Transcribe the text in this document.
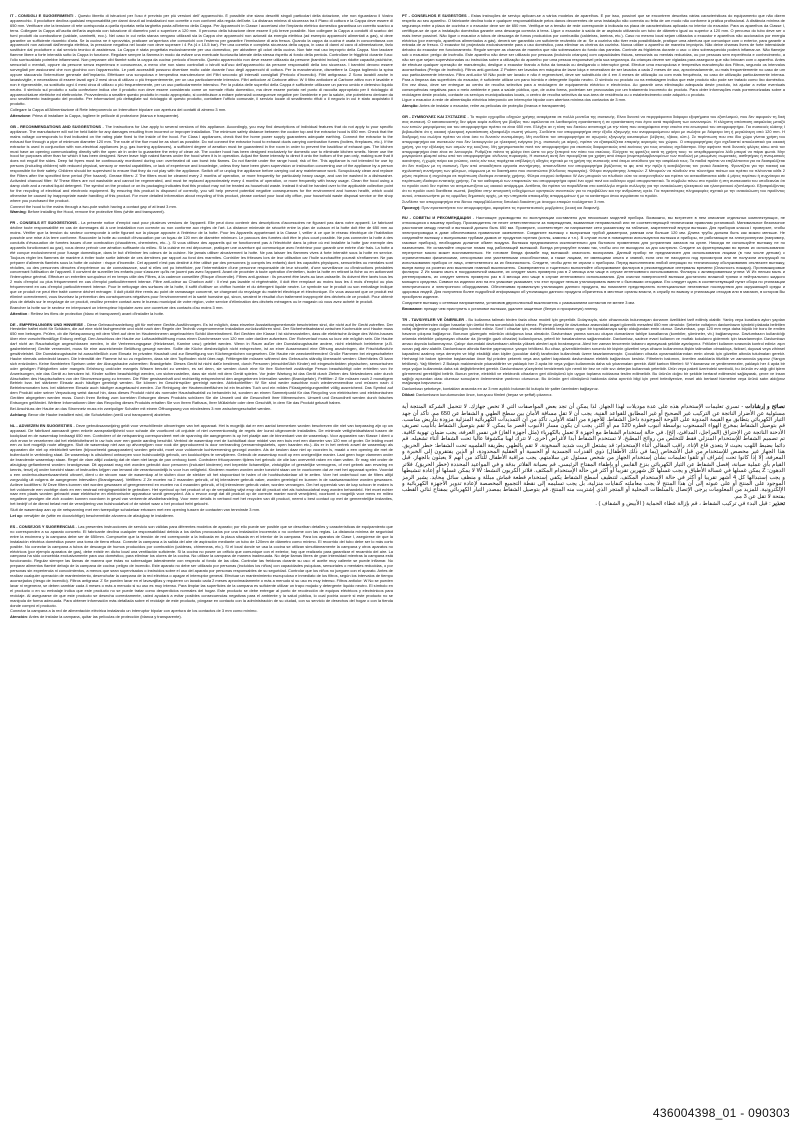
IT - CONSIGLI E SUGGERIMENTI - Questo libretto di istruzioni per l'uso è previsto per più versioni dell' apparecchio. È possibile che siano descritti singoli particolari della dotazione, che non riguardano il Vostro apparecchio. Il produttore declina qualsiasi responsabilità per danni dovuti ad installazioni non corrette o non conformi alla regola dell'arte. La distanza minima di sicurezza tra il Piano di cottura e la Cappa deve essere di 650 mm. Verificare che la tensione di rete corrisponda a quella riportata nella targhetta posta all'interno della Cappa. Per Apparecchi in Classe I accertarsi che l'impianto elettrico domestico garantisca un corretto scarico a terra. Collegare la Cappa all'uscita dell'aria aspirata con tubazione di diametro pari o superiore a 120 mm. Il percorso della tubazione deve essere il più breve possibile. Non collegare la Cappa a condotti di scarico dei fumi prodotti da combustione (caldaie, caminetti, ecc.). Nel caso in cui nella stanza vengano utilizzati sia la Cappa che apparecchi non azionati da energia elettrica (ad esempio apparecchi alimentati a gas), si deve garantire un sufficiente ricambio d'aria. Se la cucina ne è sprovvista, praticare un'apertura che comunichi con l'esterno per garantire l'immissione di aria fresca. Quando la cappa da cucina è usata in concomitanza con apparecchi non azionati dall'energia elettrica, la pressione negativa nel locale non deve superare i 4 Pa (4 x 10-5 bar). Per una corretta e completa sicurezza della cappa, in caso di danni al cavo di alimentazione, farlo sostituire dal produttore o dal servizio tecnico di assistenza. La Cappa è stata progettata esclusivamente per uso domestico, per abbattere gli odori della cucina. Non fate mai uso improprio della Cappa. Non lasciare fiamme libere a forte intensità sotto la Cappa in funzione. Regolare sempre la fiamma in modo da evitare una eventuale fuoriuscita laterale della stessa rispetto al fondo della pentola. Controllare le friggitrici durante l'uso: l'olio surriscaldato potrebbe infiammarsi. Non preparare cibi flambè sotto la cappa da cucina: pericolo d'incendio. Questo apparecchio non deve essere utilizzato da persone (bambini inclusi) con ridotte capacità psichiche, sensoriali o mentali, oppure da persone senza esperienza e conoscenza, a meno che non siano controllati o istruiti sull'uso dell'apparecchio da persone responsabili della loro sicurezza. I bambini devono essere sorvegliati per assicurarsi che non giochino con l'apparecchio. Le parti accessibili possono diventare molto calde durante l'uso degli apparecchi di cottura. Per la manutenzione, dismettere la Cappa togliendo la spina oppure staccando l'interruttore generale dell'impianto. Effettuare una scrupolosa e tempestiva manutenzione dei Filtri secondo gli intervalli consigliati (Pericolo d'incendio). Filtri antigrasso: Z Sono lavabili anche in lavastoviglie, e necessitano di essere lavati ogni 2 mesi circa di utilizzo o più frequentemente, per un uso particolarmente intensivo. Filtri antiodore al Carbone attivo: W Il filtro antiodore al Carbone attivo non è lavabile e non è rigenerabile, va sostituito ogni 4 mesi circa di utilizzo o più frequentemente, per un uso particolarmente intensivo. Per la pulizia delle superfici della Cappa è sufficiente utilizzare un panno umido e detersivo liquido neutro. Il simbolo sul prodotto o sulla confezione indica che il prodotto non deve essere considerato come un normale rifiuto domestico, ma deve essere portato nel punto di raccolta appropriato per il riciclaggio di apparecchiature elettriche ed elettroniche. Provvedendo a smaltire questo prodotto in modo appropriato, si contribuisce a evitare potenziali conseguenze negative per l'ambiente e per la salute, che potrebbero derivare da uno smaltimento inadeguato del prodotto. Per informazioni più dettagliate sul riciclaggio di questo prodotto, contattare l'ufficio comunale, il servizio locale di smaltimento rifiuti o il negozio in cui è stato acquistato il prodotto.

Collegare la Cappa all'Alimentazione di Rete interponendo un Interruttore bipolare con apertura dei contatti di almeno 3 mm.

Attenzione: Prima di installare la Cappa, togliere le pellicole di protezione (bianca e trasparente).

GB - RECOMMENDATIONS AND SUGGESTIONS - The Instructions for Use apply to several versions of this appliance. Accordingly, you may find descriptions of individual features that do not apply to your specific appliance. The manufacturer will not be held liable for any damages resulting from incorrect or improper installation. The minimum safety distance between the cooker top and the extractor hood is 650 mm. Check that the mains voltage corresponds to that indicated on the rating plate fixed to the inside of the hood. For Class I appliances, check that the home power supply guarantees adequate earthing. Connect the extractor to the exhaust flue through a pipe of minimum diameter 120 mm. The route of the flue must be as short as possible. Do not connect the extractor hood to exhaust ducts carrying combustion fumes (boilers, fireplaces, etc.). If the extractor is used in conjunction with non-electrical appliances (e.g. gas burning appliances), a sufficient degree of aeration must be guaranteed in the room in order to prevent the backflow of exhaust gas. The kitchen must have an opening communicating directly with the open air in order to guarantee the entry of clean air. The cooker hood has been designed exclusively for domestic use to eliminate kitchen smells. Never use the hood for purposes other than for which it has been designed. Never leave high naked flames under the hood when it is in operation. Adjust the flame intensity to direct it onto the bottom of the pan only, making sure that it does not engulf the sides. Deep fat fryers must be continuously monitored during use: overheated oil can burst into flames. Do not flambè under the range hood; risk of fire. This appliance is not intended for use by persons (including children) with reduced physical, sensory or mental capabilities, or lack of experience and knowledge, unless they have been given supervision or instruction concerning use of the appliance by a person responsible for their safety. Children should be supervised to ensure that they do not play with the appliance. Switch off or unplug the appliance before carrying out any maintenance work. Scrupulously clean and replace the Filters after the specified time period (Fire hazard). Grease filters: Z The filters must be cleaned every 2 months of operation, or more frequently for particularly heavy usage, and can be washed in a dishwasher. Activated charcoal filter: W These filters are not washable and cannot be regenerated, and must be replaced approximately every 4 months of operation, or more frequently with heavy usage. Clean the hood using a damp cloth and a neutral liquid detergent. The symbol on the product or on its packaging indicates that this product may not be treated as household waste. Instead it shall be handed over to the applicable collection point for the recycling of electrical and electronic equipment. By ensuring this product is disposed of correctly, you will help prevent potential negative consequences for the environment and human health, which could otherwise be caused by inappropriate waste handling of this product. For more detailed information about recycling of this product, please contact your local city office, your household waste disposal service or the shop where you purchased the product.

Connect the hood to the mains through a two-pole switch having a contact gap of at least 3 mm.

Warning: Before installing the Hood, remove the protective films (white and transparent).

FR - CONSEILS ET SUGGESTIONS - La présente notice d'emploi vaut pour plusieurs versions de l'appareil. Elle peut donc contenir des descriptions d'accessoires ne figurant pas dans votre appareil. Le fabricant décline toute responsabilité en cas de dommages dû à une installation non correcte ou non conforme aux règles de l'art. La distance minimale de sécurité entre la plan de cuisson et la hotte doit être de 650 mm au moins. Vérifier que la tension du secteur corresponde à celle figurant sur la plaque apposée à l'intérieur de la hotte. Pour les Appareils appartenant à la Classe I, veiller à ce que le réseau électrique de l'habitation possède une mise à la terre conforme. Raccorder la hotte au conduit d'évacuation par un tuyau de 120 mm de diamètre minimum. Le parcours des fumées doit être le plus court possible. Ne pas connecter la hotte à des conduits d'évacuation de fumées issues d'une combustion (chaudières, cheminées, etc...). Si vous utilisez des appareils qui ne fonctionnent pas à l'électricité dans la pièce où est installée la hotte (par exemple des appareils fonctionnant au gaz), vous devez prévoir une aération suffisante du milieu. Si la cuisine en est dépourvue, pratiquer une ouverture qui communique avec l'extérieur pour garantir une entrée d'air frais. La hotte a été conçue exclusivement pour l'usage domestique, dans le but d'éliminer les odeurs de la cuisine. Ne jamais utiliser abusivement la hotte. Ne pas laisser les flammes vives à forte intensité sous la hotte en service. Toujours régler les flammes de manière à éviter toute sortie latérale de ces dernières par rapport au fond des marmites. Contrôler les friteuses lors de leur utilisation car l'huile surchauffée pourrait s'enflammer. Ne pas préparer d'aliments flambés sous la hotte de cuisine : risque d'incendie. Cet appareil n'est pas destiné à être utilisé par des personnes (y compris les enfants) dont les capacités physiques, sensorielles ou mentales sont réduites, ou des personnes dénuées d'expérience ou de connaissance, sauf si elles ont pu bénéficier, par l'intermédiaire d'une personne responsable de leur sécurité, d'une surveillance ou d'instructions préalables concernant l'utilisation de l'appareil. Il convient de surveiller les enfants pour s'assurer qu'ils ne jouent pas avec l'appareil. Avant de procéder à toute opération d'entretien, isoler la hotte en retirant la fiche ou en actionnant l'interrupteur général. Effectuer un entretien scrupuleux et en temps utile des Filtres, à la cadence conseillée (Risque d'incendie). Filtres anti-graisse : Ils peuvent être lavés au lave-vaisselle. Ils doivent être lavés tous les 2 mois d'emploi ou plus fréquemment en cas d'emploi particulièrement intense. Filtre anti-odeur au Charbon actif : Il n'est pas lavable ni régénérable, il doit être remplacé au moins tous les 4 mois d'emploi ou plus fréquemment en cas d'emploi particulièrement intense. Pour le nettoyage des surfaces de la hotte, il suffit d'utiliser un chiffon humide et du détergent liquide neutre. Le symbole sur le produit ou son emballage indique que ce produit ne peut être traité comme déchet ménager. Il doit plutôt être remis au point de ramassage concerné, se chargeant du recyclage du matériel électrique et électronique. En vous assurant que ce produit est éliminé correctement, vous favorisez la prévention des conséquences négatives pour l'environnement et la santé humaine qui, sinon, seraient le résultat d'un traitement inapproprié des déchets de ce produit. Pour obtenir plus de détails sur le recyclage de ce produit, veuillez prendre contact avec le bureau municipal de votre région, votre service d'élimination des déchets ménagers ou le magasin où vous avez acheté le produit.

Brancher la hotte sur le secteur en interposant un interrupteur bipolaire avec une ouverture des contacts d'au moins 3 mm.

Attention : Retirez les films de protection (blanc et transparent) avant d'installer la hotte.

DE - EMPFEHLUNGEN UND HINWEISE - Diese Gebrauchsanleitung gilt für mehrere Geräte-Ausführungen. Es ist möglich, dass einzelne Ausstattungsmerkmale beschrieben sind, die nicht auf Ihr Gerät zutreffen. Der Hersteller haftet nicht für Schäden, die auf eine nicht fachgerechte und nicht nach den Regeln der Technik vorgenommene Installation zurückzuführen sind. Der Sicherheitsabstand zwischen Kochmulde und Haube muss 650 mm betragen. Prüfen, ob die Netzspannung mit dem Wert auf dem im Haubeninneren angebrachten Schild übereinstimmt. Bei Geräten der Klasse I ist sicherzustellen, dass die elektrische Anlage des Wohn-hauses über eine vorschriftsmäßige Erdung verfügt. Den Anschluss der Haube zur Luftaustrittsöffnung muss einen Durchmesser von 120 mm oder darüber aufweisen. Der Rohrverlauf muss so kurz wie möglich sein. Die Haube darf nicht an Rauchabzüge angeschlossen werden, in die Verbrennungsgase (Heizkessel, Kamine usw.) geleitet werden. Wenn in Raum außer der Dunstabzugshaube andere, nicht elektrisch betriebene (z.B. gasbetriebene) Geräte verwendet, muss für eine ausreichende Belüftung gesorgt werden. Sollte die Küche diesbezüglich nicht entsprechen, ist an einer Aussenwand eine Öffnung anzubringen, die Frischluftzufuhr gewährleistet. Die Dunstabzugshaube ist ausschließlich zum Einsatz im privaten Haushalt und zur Beseitigung von Küchengerüchen vorgesehen. Die Haube nie zweckentfremden! Große Flammen bei eingeschalteter Haube niemals unbedeckt lassen. Die Intensität der Flamme ist so zu regulieren, dass sie den Topfboden nicht über-ragt. Frittiergeräte müssen während des Gebrauchs ständig überwacht werden: Überhitztes Öl kann sich entzünden. Keine flambierten Speisen unter der Abzugshaube zubereiten: Brandgefahr. Dieses Gerät ist nicht dafür bestimmt, durch Personen (einschließlich Kinder) mit eingeschränkten physischen, sensorischen oder geistigen Fähigkeiten oder mangels Erfahrung und/oder mangels Wissen benutzt zu werden, es sei denn, sie werden durch eine für ihre Sicherheit zuständige Person beaufsichtigt oder erhielten von ihr Anweisungen, wie das Gerät zu benutzen ist. Kinder sollten beaufsichtigt werden, um sicherzustellen, dass sie nicht mit dem Gerät spielen. Vor jeder Wartung ist das Gerät durch Ziehen des Netzsteckers oder durch Abschalten des Hauptschalters von der Stromversorgung zu trennen. Die Filter gewissenhaft und rechtzeitig entsprechend den angegebenen Intervallen warten (Brandgefahr). Fettfilter: Z Sie müssen nach 2 monatigem Betrieb bzw. bei stärkerer Einsatz auch häufiger gereinigt werden. Sie können im Geschirrspüler gereinigt werden. Aktivkohlefilter: W Sie sind weder waschbar noch wiederverwendbar und müssen nach 4 Betriebsmonaten bzw. bei stärkerem Einsatz auch häufiger ausgetauscht werden. Zur Reinigung der Haubenoberflächen ist ein feuchtes Tuch und ein mildes Flüssigreinigungsmittel völlig ausreichend. Das Symbol auf dem Produkt oder seiner Verpackung weist darauf hin, dass dieses Produkt nicht als normaler Haushaltsabfall zu behandeln ist, sondern an einem Sammelpunkt für das Recycling von elektrischen und elektronischen Geräten abgegeben werden muss. Durch Ihren Beitrag zum korrekten Entsorgen dieses Produkts schützen Sie die Umwelt und die Gesundheit Ihrer Mitmenschen. Umwelt und Gesundheit werden durch falsches Entsorgen gefährdet. Weitere Informationen über das Recycling dieses Produkts erhalten Sie von Ihrem Rathaus, Ihrer Müllabfuhr oder dem Geschäft, in dem Sie das Produkt gekauft haben.

Bei Anschluss der Haube an das Stromnetz muss ein zweipoliger Schalter mit einem Öffnungsweg von mindestens 3 mm zwischengeschaltet werden.

Achtung: Bevor die Haube installiert wird, die Schutzfolien (weiß und transparent) abziehen.

NL - ADVIEZEN EN SUGGESTIES - Deze gebruiksaanwijzing geldt voor verschillende uitvoeringen van het apparaat. Het is mogelijk dat er een aantal kenmerken worden beschreven die niet van toepassing zijn op uw apparaat. De fabrikant aanvaardt geen enkele aansprakelijkheid voor schade die voortkomt uit onjuiste of niet overeenkomstig de regels der kunst uitgevoerde installaties. De minimale veiligheidsafstand tussen de kookplaat en de wasemkap bedraagt 650 mm. Controleer of de netspanning correspondeert met de spanning die aangegeven is op het plaatje aan de binnenkant van de wasemkap. Voor apparaten van Klasse I dient u zich ervan te verzekeren dat het elektriciteitsnet in uw huis over een goede aarding beschikt. Verbind de wasemkap met de luchtuitlaat door middel van een buis met een diameter van 120 mm of groter. De leiding moet een zo kort mogelijk route afleggen. Sluit de wasemkap niet aan op afvoerpijpen voor rook die geproduceerd is door verbranding (verwarmingsketels, open haarden etc.). Als er in het vertrek zowel de wasemkap als apparaten die niet op elektriciteit werken (bijvoorbeeld gasapparaten) worden gebruikt, moet voor voldoende luchtverversing gezorgd worden. Als de keuken daar niet op voorzien is, maakt u een opening die met de buitenlucht in verbinding staat. De wasemkap is uitsluitend ontworpen voor huishoudelijk gebruik, om kookluchtjes te verwijderen. Gebruik de wasemkap nooit op een oneigenlijke manier. Laat geen hoge vlammen onder de brandende wasemkap staan. Regel de vlam altijd zodanig dat de vlam niet langs de pan omhoog komt. Controleer frituurpannen tijdens het gebruik: de olie kan oververhit raken en vlam vatten. Er mag niet onder de afzuigkap geflambeerd worden: brandgevaar. Dit apparaat mag niet worden gebruikt door personen (inclusief kinderen) met beperkte lichamelijke, zintuiglijke of geestelijke vermogens, of met gebrek aan ervaring en kennis, tenzij zij onder toezicht staan of instructies krijgen van iemand die verantwoordelijk is voor hun veiligheid. Kinderen moeten worden onder toezicht staan om te voorkomen dat ze met het apparaat spelen. Voordat u een onderhoudswerkzaamheid uitvoert, dient u de stroom naar de wasemkap af te sluiten door de stekker uit het stopcontact te halen of de hoofdschakelaar uit te zetten. Voer het onderhoud van de filters altijd zorgvuldig uit volgens de aangegeven intervallen (Brandgevaar). Vetfilters: Z Ze moeten na 2 maanden gebruik, of bij intensiever gebruik vaker, worden gereinigd en kunnen in de vaatwasmachine worden gewassen. Actieve koolfilters: W Deze filters kunnen niet worden gewassen of geregenereerd en moeten na 4 maanden gebruik, of bij intensiever gebruik vaker, worden vervangen. Om het oppervlak van de kap schoon te maken is het voldoende een vochtige doek en een neutraal reinigingsmiddel te gebruiken. Het symbool op het product of op de verpakking wijst erop dat dit product niet als huishoudafval mag worden behandeld. Het moet echter naar een plaats worden gebracht waar elektrische en elektronische apparatuur wordt gerecycled. Als u ervoor zorgt dat dit product op de correcte manier wordt verwijderd, voorkomt u mogelijk voor mens en milieu negatieve gevolgen die zich zouden kunnen voordoen in geval van verkeerde afvalbehandeling. Voor meer details in verband met het recyclen van dit product, neemt u best contact op met de gemeentelijke instanties, het bedrijf of de dienst belast met de verwijdering van huishoudafval of de winkel waar u het product hebt gekocht.

Sluit de wasemkap aan op de netspanning met een tweepolige schakelaar ertussen met een opening tussen de contacten van tenminste 3 mm.

Let op: verwijder de (witte en doorzichtige) beschermfolie alvorens de afzuigkap te installeren.

ES - CONSEJOS Y SUGERENCIAS - Las presentes instrucciones de servicio son válidas para diferentes modelos de aparato; por ello puede ser posible que se describan detalles y características de equipamiento que no corresponden a su aparato concreto. El fabricante declina cualquier responsabilidad debida a los daños provocados por una instalación incorrecta o no conforme con las reglas. La distancia mínima de seguridad entre la encimera y la campana debe ser de 650mm. Compruebe que la tensión de red corresponde a la indicada en la placa situada en el interior de la campana. Para los aparatos de Clase I, asegúrese de que la instalación eléctrica doméstica posee una toma de tierra eficaz. Conecte la campana a la salida del aire de aspiración mediante un tubo de 120mm de diámetro como mínimo. El recorrido del tubo debe ser lo más corto posible. No conectar la campana a tubos de descarga de humos producidos por combustión (calderas, chimeneas, etc.). Si el local donde se usa la cocina se utilizan simultáneamente la campana y otros aparatos no eléctricos (por ejemplo aparatos de gas), debe existir en dicho local una ventilación suficiente. Si la cocina no posee un orificio que comunique con el exterior, hay que realizarlo para garantizar el recambio del aire. La campana ha sido concebida exclusivamente para uso doméstico, para eliminar los olores de la cocina. No utilizar la campana de manera inadecuada. No dejar llamas libres de gran intensidad mientras la campana está funcionando. Regular siempre las llamas de manera que éstas no sobresalgan lateralmente con respecto al fondo de las ollas. Controlar las freidoras durante su uso: el aceite muy caliente se puede inflamar. No preparar alimentos flambé debajo de la campana de cocina: peligro de incendio. Este aparato no debe ser utilizado por personas (incluidos los niños) con capacidades psíquicas, sensoriales o mentales reducidas, o por personas sin experiencia ni conocimientos, a menos que sean supervisados o instruidos sobre el uso del aparato por personas responsables de su seguridad. Controlar que los niños no jueguen con el aparato. Antes de realizar cualquier operación de mantenimiento, desenchufar la campana de la red eléctrica o apagar el interruptor general. Efectuar un mantenimiento escrupuloso e inmediato de los filtros, según los intervalos de tiempo aconsejados (riesgo de incendio). Filtros antigrasa: Z Se pueden lavar en el lavavajillas y requieren un lavado cada 2 meses aproximadamente o más a menudo si su uso es muy intenso. Filtros antiolor: W No se pueden lavar ni regenerar, se deben cambiar cada 4 meses o más a menudo si su uso es muy intenso. Para limpiar las superficies de la campana es suficiente utilizar un trapo mojado y detergente líquido neutro. El símbolo en el producto o en su embalaje indica que este producto no se puede tratar como desperdicios normales del hogar. Este producto se debe entregar al punto de recolección de equipos eléctricos y electrónicos para reciclaje. Al asegurarse de que este producto se desecha correctamente, usted ayudará a evitar posibles consecuencias negativas para el ambiente y la salud pública, lo cual podría ocurrir si este producto no se manipula de forma adecuada. Para obtener información más detallada sobre el reciclaje de este producto, póngase en contacto con la administración de su ciudad, con su servicio de desechos del hogar o con la tienda donde compró el producto.

Conectar la campana a la red de alimentación eléctrica instalando un interruptor bipolar con apertura de los contactos de 3 mm como mínimo.

Atención: Antes de instalar la campana, quitar las películas de protección (blanca y transparente).

PT - CONSELHOS E SUGESTÕES - Estas instruções de serviço aplicam-se a vários modelos de aparelhos. É por isso, possível que se encontrem descritas várias características do equipamento que não dizem respeito ao seu aparelho. O fabricante declina toda e qualquer responsabilidade pelos danos decorrentes de uma instalação não correcta ou feita de um modo não conforme à prática profissional. A distância mínima de segurança entre a placa de cozinha e o exaustor deve ser de 650 mm. Verifique se a tensão de rede corresponde à indicada na placa de características aplicada no interior do exaustor. Para os aparelhos da Classe I, certifique-se de que a instalação doméstica garante uma descarga correcta à terra. Ligue o exaustor à saída de ar aspirado utilizando um tubo de diâmetro igual ou superior a 120 mm. O percurso do tubo deve ser o mais breve possível. Não ligue o exaustor a tubos de descarga de fumos produzidos por combustão (caldeiras, lareiras, etc.). Caso no mesmo local sejam utilizados o exaustor e aparelhos não accionados por energia eléctrica (por exemplo, aparelhos alimentados a gás), deverá ser garantido um suficiente recâmbio de ar. Se a cozinha não tiver esta possibilidade, pratique uma abertura que comunique com o exterior, para garantir a entrada de ar fresco. O exaustor foi projectado exclusivamente para o uso doméstico, para eliminar os cheiros da cozinha. Nunca utilize o aparelho de maneira imprópria. Não deixe chamas livres de forte intensidade debaixo do exaustor em funcionamento. Regule sempre as chamas de maneira que não sobressaiam do fundo das panelas. Controle as frigideiras durante o uso: o óleo sobreaquecido poderá inflamar-se. Não flamejar sob o exaustor: perigo de incêndio. Este aparelho não deve ser utilizado por pessoas (incluindo crianças) com capacidades físicas, sensoriais ou mentais reduzidas, ou por pessoas sem experiência e conhecimento, a não ser que sejam supervisionadas ou instruídas sobre a utilização do aparelho por uma pessoa responsável pela sua segurança. As crianças devem ser vigiadas para assegurar que não brincam com o aparelho. Antes de efectuar qualquer operação de manutenção, desligue o exaustor tirando a ficha da tomada ou desligando o interruptor geral. Efectue uma escrupulosa e tempestiva manutenção dos Filtros, segundo os intervalos aconselhados (Perigo de incêndio). Filtros anti-gordura: Z Podem ser lavados em máquina de lavar loiça e necessitam de ser lavados a cada 2 meses de uso, aproximadamente, ou mais frequentemente no caso de um uso particularmente intensivo. Filtro anti-odor W Não pode ser lavado e não é regenerável, deve ser substituído de 4 em 4 meses de utilização ou com mais frequência, no caso de utilização particularmente intensa. Para a limpeza das superfícies do exaustor, é suficiente utilizar um pano húmido e detergente líquido neutro. O símbolo no produto ou na embalagem indica que este produto não pode ser tratado como lixo doméstico. Em vez disso, deve ser entregue ao centro de recolha selectiva para a reciclagem de equipamento eléctrico e electrónico. Ao garantir uma eliminação adequada deste produto, irá ajudar a evitar eventuais consequências negativas para o meio ambiente e para a saúde pública, que, de outra forma, poderiam ser provocadas por um tratamento incorrecto do produto. Para obter informações mais pormenorizadas sobre a reciclagem deste produto, contacte os serviços municipalizados locais, o centro de recolha selectiva da sua área de residência ou o estabelecimento onde adquiriu o produto.

Ligue o exaustor à rede de alimentação eléctrica interpondo um interruptor bipolar com abertura mínima dos contactos de 3 mm.

Atenção: Antes de instalar o exaustor, retire as películas de proteção (branca e transparente).

GR - ΣΥΜΒΟΥΛΕΣ ΚΑΙ ΣΥΣΤΑΣΕΙΣ - Το παρόν εγχειρίδιο οδηγιών χρήσης αναφέρεται σε πολλά μοντέλα της συσκευής. Είναι δυνατό να περιγράφονται διάφορα εξαρτήματα του εξοπλισμού, που δεν αφορούν τη δική σας συσκευή. Ο κατασκευαστής δεν φέρει καμία ευθύνη για βλάβες που οφείλονται σε λανθασμένη εγκατάσταση ή σε εγκατάσταση που έγινε κατά παράβαση των κανονισμών. Η ελάχιστη απόσταση ασφαλείας μεταξύ των εστιών μαγειρέματος και του απορροφητήρα πρέπει να είναι 650 mm. Ελέγξτε αν η τάση του δικτύου αντιστοιχεί με την τάση που αναγράφεται στην ετικέτα στο εσωτερικό του απορροφητήρα. Για συσκευές κλάσης Ι βεβαιωθείτε ότι η οικιακή ηλεκτρική εγκατάσταση εξασφαλίζει σωστή γείωση. Συνδέστε τον απορροφητήρα στην έξοδο εξαγωγής του αναρροφούμενου αέρα με σωλήνα με διάμετρο ίση ή μεγαλύτερη από 120 mm. Η διαδρομή του σωλήνα πρέπει να είναι όσο το δυνατόν συντομότερη. Μη συνδέετε τον απορροφητήρα σε αγωγούς εξαγωγής καυσαερίων (λέβητες, τζάκια, κλπ.). Σε περίπτωση που στο ίδιο χώρο γίνεται χρήση του απορροφητήρα και συσκευών που δεν λειτουργούν με ηλεκτρική ενέργεια (π.χ. συσκευές με αέριο), πρέπει να εξασφαλίζεται επαρκής αερισμός του χώρου. Ο απορροφητήρας έχει σχεδιαστεί αποκλειστικά για οικιακή χρήση, για την εξάλειψη των οσμών της κουζίνας. Μη χρησιμοποιείτε ποτέ τον απορροφητήρα για σκοπούς διαφορετικούς από εκείνους για τους οποίους σχεδιάστηκε. Μην αφήνετε ποτέ δυνατές φλόγες κάτω από τον απορροφητήρα όταν είναι σε λειτουργία. Ρυθμίζετε πάντα τη φλόγα έτσι ώστε να μην ξεπερνά τον πάτο του σκεύους. Ελέγχετε τις φριτέζες κατά τη χρήση τους: το υπερθερμασμένο λάδι μπορεί να πάρει φωτιά. Μην μαγειρεύετε φλαμπέ κάτω από τον απορροφητήρα: κίνδυνος πυρκαγιάς. Η συσκευή αυτή δεν προορίζεται για χρήση από άτομα (συμπεριλαμβανομένων των παιδιών) με μειωμένες σωματικές, αισθητήριες ή πνευματικές ικανότητες, ή χωρίς πείρα και γνώσεις, εκτός εάν τους παρέχεται επίβλεψη ή οδηγίες σχετικά με τη χρήση της συσκευής από άτομο υπεύθυνο για την ασφάλειά τους. Τα παιδιά πρέπει να επιβλέπονται για να διασφαλίζεται ότι δεν παίζουν με τη συσκευή. Πριν από οποιαδήποτε εργασία συντήρησης, αποσυνδέστε τον απορροφητήρα βγάζοντας το φις από την πρίζα ή κατεβάζοντας τον γενικό διακόπτη. Φροντίζετε για την τακτική και σχολαστική συντήρηση των φίλτρων, σύμφωνα με τα διαστήματα που συνιστώνται (Κίνδυνος πυρκαγιάς). Φίλτρα συγκράτησης λιπαρών: Z Μπορούν να πλυθούν στο πλυντήριο πιάτων και πρέπει να πλένονται κάθε 2 μήνες περίπου ή συχνότερα σε περίπτωση ιδιαίτερα εντατικής χρήσης. Φίλτρα ενεργού άνθρακα: W Δεν μπορούν να πλυθούν ούτε να αναγεννηθούν και πρέπει να αντικαθίστανται κάθε 4 μήνες περίπου ή συχνότερα σε περίπτωση ιδιαίτερα εντατικής χρήσης. Για τον καθαρισμό των επιφανειών του απορροφητήρα αρκεί ένα υγρό πανί και ουδέτερο υγρό απορρυπαντικό. Το σύμβολο πάνω στο προϊόν ή στη συσκευασία του υποδεικνύει ότι το προϊόν αυτό δεν πρέπει να αντιμετωπίζεται ως οικιακό απόρριμμα. Αντίθετα, θα πρέπει να παραδίδεται στο κατάλληλο σημείο συλλογής για την ανακύκλωση ηλεκτρικού και ηλεκτρονικού εξοπλισμού. Εξασφαλίζοντας ότι το προϊόν αυτό διατίθεται σωστά, βοηθάτε στην αποτροπή ενδεχόμενων αρνητικών συνεπειών για το περιβάλλον και την ανθρώπινη υγεία. Για περισσότερες πληροφορίες σχετικά με την ανακύκλωση του προϊόντος αυτού, επικοινωνήστε με τις αρμόδιες δημοτικές αρχές, με την υπηρεσία αποκομιδής απορριμμάτων ή με το κατάστημα όπου αγοράσατε το προϊόν.

Συνδέστε τον απορροφητήρα στο δίκτυο παρεμβάλλοντας διπολικό διακόπτη με άνοιγμα επαφών τουλάχιστον 3 mm.

Προσοχή: Πριν εγκαταστήσετε τον απορροφητήρα, αφαιρέστε τις προστατευτικές μεμβράνες (λευκή και διαφανή).

RU - СОВЕТЫ И РЕКОМЕНДАЦИИ - Настоящее руководство по эксплуатации составлено для нескольких моделей прибора. Возможно, вы встретите в нем описание отдельных комплектующих, не относящихся к вашему прибору. Производитель не несет ответственности за повреждения, вызванные неправильной или не соответствующей техническим правилам установкой. Минимальное безопасное расстояние между плитой и вытяжкой должно быть 650 мм. Проверьте, соответствует ли напряжение сети указанному на табличке, закрепленной внутри вытяжки. Для приборов класса I проверьте, чтобы электропроводка в доме обеспечивала правильное заземление. Соедините вытяжку с выпускным трубой диаметром, равным или больше 120 мм. Длина трубы должна быть как можно меньше. Не соединяйте вытяжку с выпускными трубами дымов от продуктов горения (котлы, камины и т.п.). В случае если в помещении используются вытяжка и приборы, не работающие на электроэнергии (например, газовые приборы), необходимо должное обмен воздуха. Вытяжка предназначена исключительно для бытового применения для устранения запахов на кухне. Никогда не используйте вытяжку не по назначению. Не оставляйте открытое пламя под работающей вытяжкой. Всегда регулируйте пламя так, чтобы оно не выходило за дно кастрюли. Следите за фритюрницами во время их использования: перегретое масло может воспламениться. Не готовьте блюда фламбе под вытяжкой: опасность возгорания. Данный прибор не предназначен для использования лицами (в том числе детьми) с ограниченными физическими, сенсорными или умственными способностями, а также лицами, не имеющими опыта и знаний, если они не находятся под присмотром или не получили инструкций по использованию прибора от лица, ответственного за их безопасность. Следите, чтобы дети не играли с прибором. Перед выполнением любой операции по техническому обслуживанию отключите вытяжку, вынув вилку из розетки или выключив главный выключатель. Своевременно и тщательно выполняйте обслуживание фильтров в рекомендуемые интервалы времени (Опасность пожара). Противожировые фильтры: Z Их можно мыть в посудомоечной машине, их следует мыть примерно раз в 2 месяца или чаще в случае интенсивного использования. Фильтры с активированным углем: W Их нельзя мыть и регенерировать, их следует менять примерно раз в 4 месяца или чаще в случае интенсивного использования. Для очистки поверхностей вытяжки достаточно влажной тряпки и нейтрального жидкого моющего средства. Символ на изделии или на его упаковке указывает, что этот продукт нельзя утилизировать вместе с бытовыми отходами. Его следует сдать в соответствующий пункт сбора по утилизации электрического и электронного оборудования. Обеспечивая правильную утилизацию данного продукта, вы помогаете предотвратить потенциальные негативные последствия для окружающей среды и здоровья людей. Для получения более подробной информации об утилизации данного продукта обратитесь в местные органы власти, в службу по вывозу и утилизации отходов или в магазин, в котором Вы приобрели изделие.

Соедините вытяжку с сетевым напряжением, установив двухполюсный выключатель с размыканием контактов не менее 3 мм.

Внимание: прежде чем приступить к установке вытяжки, удалите защитные (белую и прозрачную) пленку.

TR - TAVSIYELER VE ÖNERILER - Bu kullanma talimatı birden fazla cihaz modeli için geçerlidir. Dolayısıyla, sizin cihazınızda bulunmayan donanım özellikleri tarif edilmiş olabilir. Yanlış veya kurallara aykırı yapılan montaj işlemlerinden doğan hasarlar için üretici firma sorumluluk kabul etmez. Pişirme yüzeyi ile davlumbaz arasındaki asgari güvenlik mesafesi 650 mm olmalıdır. Şebeke voltajının davlumbazın içindeki plakada belirtilen voltaj değerine uygun olup olmadığını kontrol ediniz. Sınıf I cihazlar için, evdeki elektrik tesisatının uygun bir topraklamaya sahip olduğundan emin olunuz. Davlumbazı, çapı 120 mm veya daha büyük bir boru ile emilen havanın çıkışına bağlayınız. Borunun güzergahı mümkün olduğunca kısa olmalıdır. Davlumbazı yanma sonucu oluşan dumanların tahliye kanallarına (kombiler, şömineler, vb.) bağlamayınız. Davlumbazın kullanıldığı ortamda elektrikle çalışmayan cihazlar da (örneğin gazlı cihazlar) kullanılıyorsa, yeterli bir havalandırma sağlanmalıdır. Davlumbaz, sadece evsel kullanım ve mutfak kokularını gidermek için tasarlanmıştır. Davlumbazı amacı dışında kullanmayınız. Çalışır durumdaki davlumbazın altında yüksek alevleri açık bırakmayınız. Alevi her zaman tencerenin tabanını aşmayacak şekilde ayarlayınız. Fritözleri kullanım sırasında kontrol ediniz: aşırı ısınan yağ alev alabilir. Davlumbazın altında flambe yapmayınız: yangın tehlikesi. Bu cihaz, güvenliklerinden sorumlu bir kişinin gözetimi veya cihazın kullanımına ilişkin talimatları olmadıkça, fiziksel, duyusal veya zihinsel kapasitesi azalmış veya deneyim ve bilgi eksikliği olan kişiler (çocuklar dahil) tarafından kullanılmak üzere tasarlanmamıştır. Çocukların cihazla oynamadıklarından emin olmak için gözetim altında tutulmaları gerekir. Herhangi bir bakım işlemine başlamadan önce fişi prizden çekerek veya ana şalteri kapatarak davlumbazın elektrik bağlantısını kesiniz. Filtrelerin bakımını, önerilen aralıklarla titizlikle ve zamanında yapınız (Yangın tehlikesi). Yağ filtreleri: Z Bulaşık makinesinde yıkanabilirler ve yaklaşık her 2 ayda bir veya yoğun kullanımda daha sık yıkanmaları gerekir. Aktif karbon filtreleri: W Yıkanamaz ve yenilenemezler, yaklaşık her 4 ayda bir veya yoğun kullanımda daha sık değiştirilmeleri gerekir. Davlumbazın yüzeylerini temizlemek için nemli bir bez ve nötr sıvı deterjan kullanmak yeterlidir. Ürün veya paketi üzerindeki sembolü, bu ürünün ev atığı gibi işlem görmemesi gerektiğini belirtir. Bunun yerine, elektrikli ve elektronik cihazların geri dönüşümü için uygun toplama noktasına teslim edilmelidir. Bu ürünün doğru bir şekilde bertaraf edilmesini sağlayarak, çevre ve insan sağlığı açısından olası olumsuz sonuçların önlenmesine yardımcı olursunuz. Bu ürünün geri dönüşümü hakkında daha ayrıntılı bilgi için yerel belediyenize, evsel atık bertaraf hizmetine veya ürünü satın aldığınız mağazaya başvurunuz.

Davlumbazı şebekeye, kontakları arasında en az 3 mm açıklık bulunan iki kutuplu bir şalter üzerinden bağlayınız.

Dikkat: Davlumbazın kurulumundan önce, koruyucu filmleri (beyaz ve şeffaf) çıkarınız.

نصائح و إرشادات - تسري تعليمات الإستخدام هذه على عدة موديلات لهذا الجهاز. لذا يمكن أن تجد بعض المواصفات التي لا تخص جهازك. لا تتحمل الشركة المنتجة أية مسئولية عن الأضرار الناتجة عن التركيب غير الصحيح أو غير المطابق للقواعد الفنية. يجب أن لا تقل مسافة الأمان بين سطح الطهي و الشفاط عن 650 مم. تأكد أن جهد التيار الكهربائي يتطابق مع القيمة المدونة على اللوحة الموجودة داخل الشفاط. للأجهزة من الفئة الأولى، تأكد من أن التمديدات الكهربائية المنزلية مزودة بتأريض مناسب. قم بتوصيل الشفاط بمخرج الهواء المسحوب بواسطة أنبوب قطره 120 مم أو أكثر. يجب أن يكون مسار الأنبوب أقصر ما يمكن. لا تقم بتوصيل الشفاط بأنابيب تصريف الأدخنة الناتجة عن الإحتراق (المراجل، المدافئ، إلخ). في حالة إستخدام الشفاط مع أجهزة لا تعمل بالكهرباء (مثل أجهزة الغاز) في نفس الغرفة، يجب ضمان تهوية كافية. تم تصميم الشفاط للإستخدام المنزلي فقط للتخلص من روائح المطبخ. لا تستخدم الشفاط أبدا لأغراض أخرى. لا تترك لهبا مكشوفا عاليا تحت الشفاط أثناء تشغيله. قم دائما بضبط اللهب بحيث لا يتعدى قاع الإناء. راقب المقالي أثناء الإستخدام: قد يشتعل الزيت شديد السخونة. لا تقم بالطهي بطريقة الفلمبيه تحت الشفاط: خطر الحريق. هذا الجهاز غير مخصص للإستخدام من قبل الأشخاص (بما في ذلك الأطفال) ذوي القدرات الجسدية أو الحسية أو العقلية المحدودة، أو الذين يفتقرون إلى الخبرة و المعرفة، إلا إذا كانوا تحت إشراف أو تلقوا تعليمات بشأن إستخدام الجهاز من شخص مسئول عن سلامتهم. يجب مراقبة الأطفال للتأكد من أنهم لا يعبثون بالجهاز. قبل القيام بأي عملية صيانة، إفصل الشفاط عن التيار الكهربائي بنزع القابس أو بإطفاء المفتاح الرئيسي. قم بصيانة الفلاتر بدقة و في المواعيد المحددة (خطر الحريق). فلاتر الدهون: Z يمكن غسلها في غسالة الأطباق و يجب غسلها كل شهرين تقريبا أو أكثر في حالة الإستخدام المكثف. فلاتر الكربون النشط: W لا يمكن غسلها أو إعادة تنشيطها و يجب إستبدالها كل 4 أشهر تقريبا أو أكثر في حالة الإستخدام المكثف. لتنظيف أسطح الشفاط يكفي إستخدام قطعة قماش مبللة و منظف سائل محايد. يشير الرمز الموجود على المنتج أو على عبوته إلى أن هذا المنتج لا يجب معاملته كنفايات منزلية، بل يجب تسليمه إلى نقطة التجميع المخصصة لإعادة تدوير الأجهزة الكهربائية و الإلكترونية. للمزيد من المعلومات يرجى الإتصال بالسلطات المحلية أو المتجر الذي إشتريت منه المنتج. قم بتوصيل الشفاط بمصدر التيار الكهربائي بمفتاح ثنائي القطب بفتحة لا تقل عن 3 مم.

تحذير : قبل البدء في تركيب الشفاط ، قم بإزالة غطاء الحماية ( الأبيض و الشفاف ) .

436004398_01 - 090303
